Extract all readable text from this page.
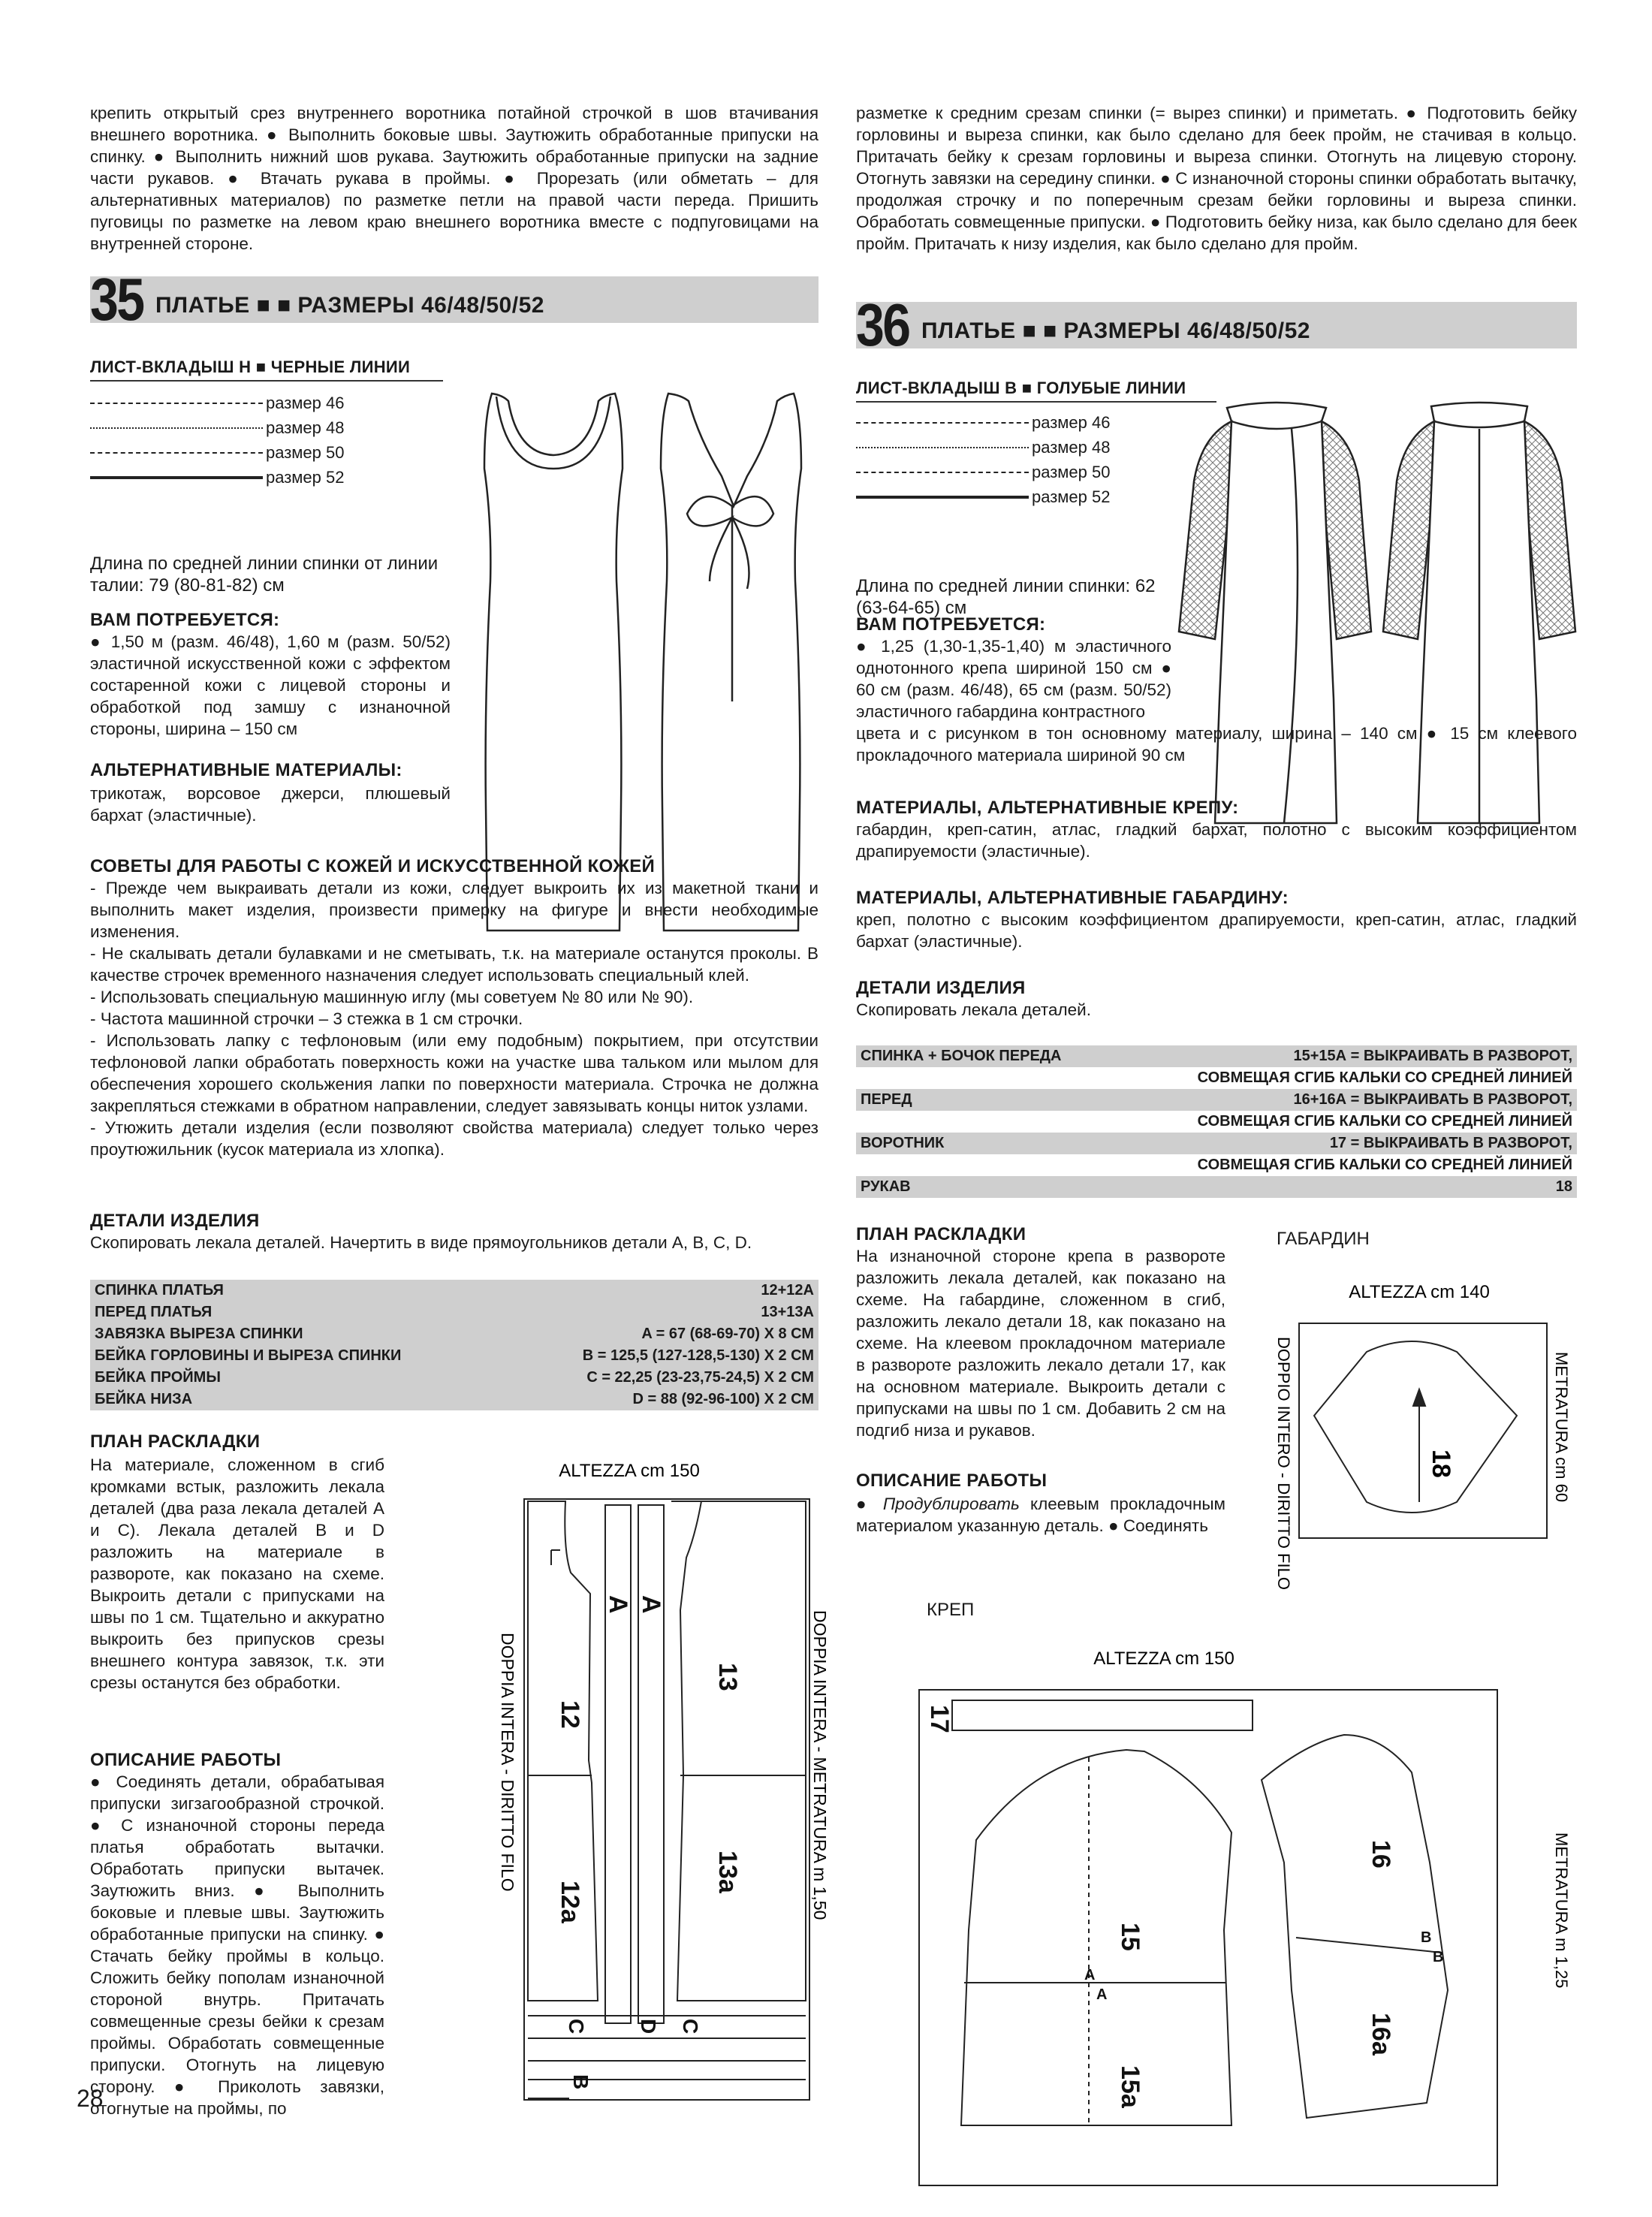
крепить открытый срез внутреннего воротника потайной строчкой в шов втачивания внешнего воротника. ● Выполнить боковые швы. Заутюжить обработанные припуски на спинку. ● Выполнить нижний шов рукава. Заутюжить обработанные припуски на задние части рукавов. ● Втачать рукава в проймы. ● Прорезать (или обметать – для альтернативных материалов) по разметке петли на правой части переда. Пришить пуговицы по разметке на левом краю внешнего воротника вместе с подпуговицами на внутренней стороне.

35 ПЛАТЬЕ ■ ■ РАЗМЕРЫ 46/48/50/52

ЛИСТ-ВКЛАДЫШ Н ■ ЧЕРНЫЕ ЛИНИИ

размер 46
размер 48
размер 50
размер 52

Длина по средней линии спинки от линии талии: 79 (80-81-82) см

ВАМ ПОТРЕБУЕТСЯ:

● 1,50 м (разм. 46/48), 1,60 м (разм. 50/52) эластичной искусственной кожи с эффектом состаренной кожи с лицевой стороны и обработкой под замшу с изнаночной стороны, ширина – 150 см

АЛЬТЕРНАТИВНЫЕ МАТЕРИАЛЫ:

трикотаж, ворсовое джерси, плюшевый бархат (эластичные).

СОВЕТЫ ДЛЯ РАБОТЫ С КОЖЕЙ И ИСКУССТВЕННОЙ КОЖЕЙ

- Прежде чем выкраивать детали из кожи, следует выкроить их из макетной ткани и выполнить макет изделия, произвести примерку на фигуре и внести необходимые изменения.

- Не скалывать детали булавками и не сметывать, т.к. на материале останутся проколы. В качестве строчек временного назначения следует использовать специальный клей.

- Использовать специальную машинную иглу (мы советуем № 80 или № 90).

- Частота машинной строчки – 3 стежка в 1 см строчки.

- Использовать лапку с тефлоновым (или ему подобным) покрытием, при отсутствии тефлоновой лапки обработать поверхность кожи на участке шва тальком или мылом для обеспечения хорошего скольжения лапки по поверхности материала. Строчка не должна закрепляться стежками в обратном направлении, следует завязывать концы ниток узлами.

- Утюжить детали изделия (если позволяют свойства материала) следует только через проутюжильник (кусок материала из хлопка).

ДЕТАЛИ ИЗДЕЛИЯ

Скопировать лекала деталей. Начертить в виде прямоугольников детали А, В, С, D.

СПИНКА ПЛАТЬЯ	12+12А
ПЕРЕД ПЛАТЬЯ	13+13А
ЗАВЯЗКА ВЫРЕЗА СПИНКИ	A = 67 (68-69-70) X 8 СМ
БЕЙКА ГОРЛОВИНЫ И ВЫРЕЗА СПИНКИ	B = 125,5 (127-128,5-130) X 2 СМ
БЕЙКА ПРОЙМЫ	C = 22,25 (23-23,75-24,5) X 2 СМ
БЕЙКА НИЗА	D = 88 (92-96-100) X 2 СМ

ПЛАН РАСКЛАДКИ

На материале, сложенном в сгиб кромками встык, разложить лекала деталей (два раза лекала деталей А и С). Лекала деталей В и D разложить на материале в развороте, как показано на схеме. Выкроить детали с припусками на швы по 1 см. Тщательно и аккуратно выкроить без припусков срезы внешнего контура завязок, т.к. эти срезы останутся без обработки.

ОПИСАНИЕ РАБОТЫ

● Соединять детали, обрабатывая припуски зигзагообразной строчкой. ● С изнаночной стороны переда платья обработать вытачки. Обработать припуски вытачек. Заутюжить вниз. ● Выполнить боковые и плевые швы. Заутюжить обработанные припуски на спинку. ● Стачать бейку проймы в кольцо. Сложить бейку пополам изнаночной стороной внутрь. Притачать совмещенные срезы бейки к срезам проймы. Обработать совмещенные припуски. Отогнуть на лицевую сторону. ● Приколоть завязки, отогнутые на проймы, по

ALTEZZA cm 150
12
12a
13
13a
A A
B
C	C
D
DOPPIA INTERA - DIRITTO FILO	DOPPIA INTERA - METRATURA m 1,50
28

разметке к средним срезам спинки (= вырез спинки) и приметать. ● Подготовить бейку горловины и выреза спинки, как было сделано для беек пройм, не стачивая в кольцо. Притачать бейку к срезам горловины и выреза спинки. Отогнуть на лицевую сторону. Отогнуть завязки на середину спинки. ● С изнаночной стороны спинки обработать вытачку, продолжая строчку и по поперечным срезам бейки горловины и выреза спинки. Обработать совмещенные припуски. ● Подготовить бейку низа, как было сделано для беек пройм. Притачать к низу изделия, как было сделано для пройм.

36 ПЛАТЬЕ ■ ■ РАЗМЕРЫ 46/48/50/52

ЛИСТ-ВКЛАДЫШ В ■ ГОЛУБЫЕ ЛИНИИ

размер 46
размер 48
размер 50
размер 52

Длина по средней линии спинки: 62 (63-64-65) см

ВАМ ПОТРЕБУЕТСЯ:

● 1,25 (1,30-1,35-1,40) м эластичного однотонного крепа шириной 150 см ● 60 см (разм. 46/48), 65 см (разм. 50/52) эластичного габардина контрастного

цвета и с рисунком в тон основному материалу, ширина – 140 см ● 15 см клеевого прокладочного материала шириной 90 см

МАТЕРИАЛЫ, АЛЬТЕРНАТИВНЫЕ КРЕПУ:

габардин, креп-сатин, атлас, гладкий бархат, полотно с высоким коэффициентом драпируемости (эластичные).

МАТЕРИАЛЫ, АЛЬТЕРНАТИВНЫЕ ГАБАРДИНУ:

креп, полотно с высоким коэффициентом драпируемости, креп-сатин, атлас, гладкий бархат (эластичные).

ДЕТАЛИ ИЗДЕЛИЯ

Скопировать лекала деталей.

СПИНКА + БОЧОК ПЕРЕДА	15+15А = ВЫКРАИВАТЬ В РАЗВОРОТ,
	СОВМЕЩАЯ СГИБ КАЛЬКИ СО СРЕДНЕЙ ЛИНИЕЙ
ПЕРЕД	16+16А = ВЫКРАИВАТЬ В РАЗВОРОТ,
	СОВМЕЩАЯ СГИБ КАЛЬКИ СО СРЕДНЕЙ ЛИНИЕЙ
ВОРОТНИК	17 = ВЫКРАИВАТЬ В РАЗВОРОТ,
	СОВМЕЩАЯ СГИБ КАЛЬКИ СО СРЕДНЕЙ ЛИНИЕЙ
РУКАВ	18

ПЛАН РАСКЛАДКИ

На изнаночной стороне крепа в развороте разложить лекала деталей, как показано на схеме. На габардине, сложенном в сгиб, разложить лекало детали 18, как показано на схеме. На клеевом прокладочном материале в развороте разложить лекало детали 17, как на основном материале. Выкроить детали с припусками на швы по 1 см. Добавить 2 см на подгиб низа и рукавов.

ОПИСАНИЕ РАБОТЫ

● Продублировать клеевым прокладочным материалом указанную деталь. ● Соединять

ГАБАРДИН
КРЕП
ALTEZZA cm 140
18
DOPPIO INTERO - DIRITTO FILO	METRATURA cm 60
ALTEZZA cm 150
17
15
15a
16
16a
A
A
B
B	METRATURA m 1,25
